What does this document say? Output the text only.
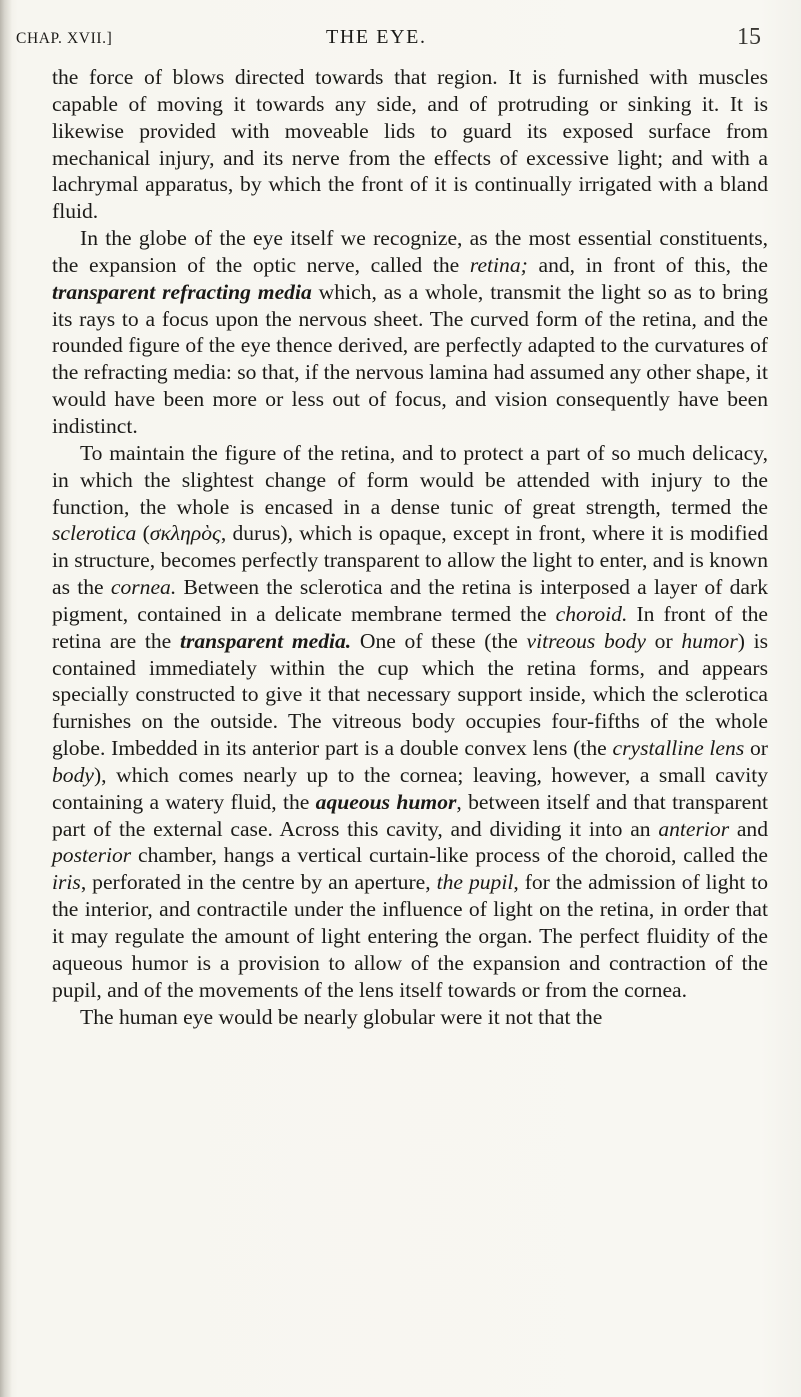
CHAP. XVII.]	THE EYE.	15

the force of blows directed towards that region. It is furnished with muscles capable of moving it towards any side, and of protruding or sinking it. It is likewise provided with moveable lids to guard its exposed surface from mechanical injury, and its nerve from the effects of excessive light; and with a lachrymal apparatus, by which the front of it is continually irrigated with a bland fluid.

In the globe of the eye itself we recognize, as the most essential constituents, the expansion of the optic nerve, called the retina; and, in front of this, the transparent refracting media which, as a whole, transmit the light so as to bring its rays to a focus upon the nervous sheet. The curved form of the retina, and the rounded figure of the eye thence derived, are perfectly adapted to the curvatures of the refracting media: so that, if the nervous lamina had assumed any other shape, it would have been more or less out of focus, and vision consequently have been indistinct.

To maintain the figure of the retina, and to protect a part of so much delicacy, in which the slightest change of form would be attended with injury to the function, the whole is encased in a dense tunic of great strength, termed the sclerotica (σκληρὸς, durus), which is opaque, except in front, where it is modified in structure, becomes perfectly transparent to allow the light to enter, and is known as the cornea. Between the sclerotica and the retina is interposed a layer of dark pigment, contained in a delicate membrane termed the choroid. In front of the retina are the transparent media. One of these (the vitreous body or humor) is contained immediately within the cup which the retina forms, and appears specially constructed to give it that necessary support inside, which the sclerotica furnishes on the outside. The vitreous body occupies four-fifths of the whole globe. Imbedded in its anterior part is a double convex lens (the crystalline lens or body), which comes nearly up to the cornea; leaving, however, a small cavity containing a watery fluid, the aqueous humor, between itself and that transparent part of the external case. Across this cavity, and dividing it into an anterior and posterior chamber, hangs a vertical curtain-like process of the choroid, called the iris, perforated in the centre by an aperture, the pupil, for the admission of light to the interior, and contractile under the influence of light on the retina, in order that it may regulate the amount of light entering the organ. The perfect fluidity of the aqueous humor is a provision to allow of the expansion and contraction of the pupil, and of the movements of the lens itself towards or from the cornea.

The human eye would be nearly globular were it not that the
